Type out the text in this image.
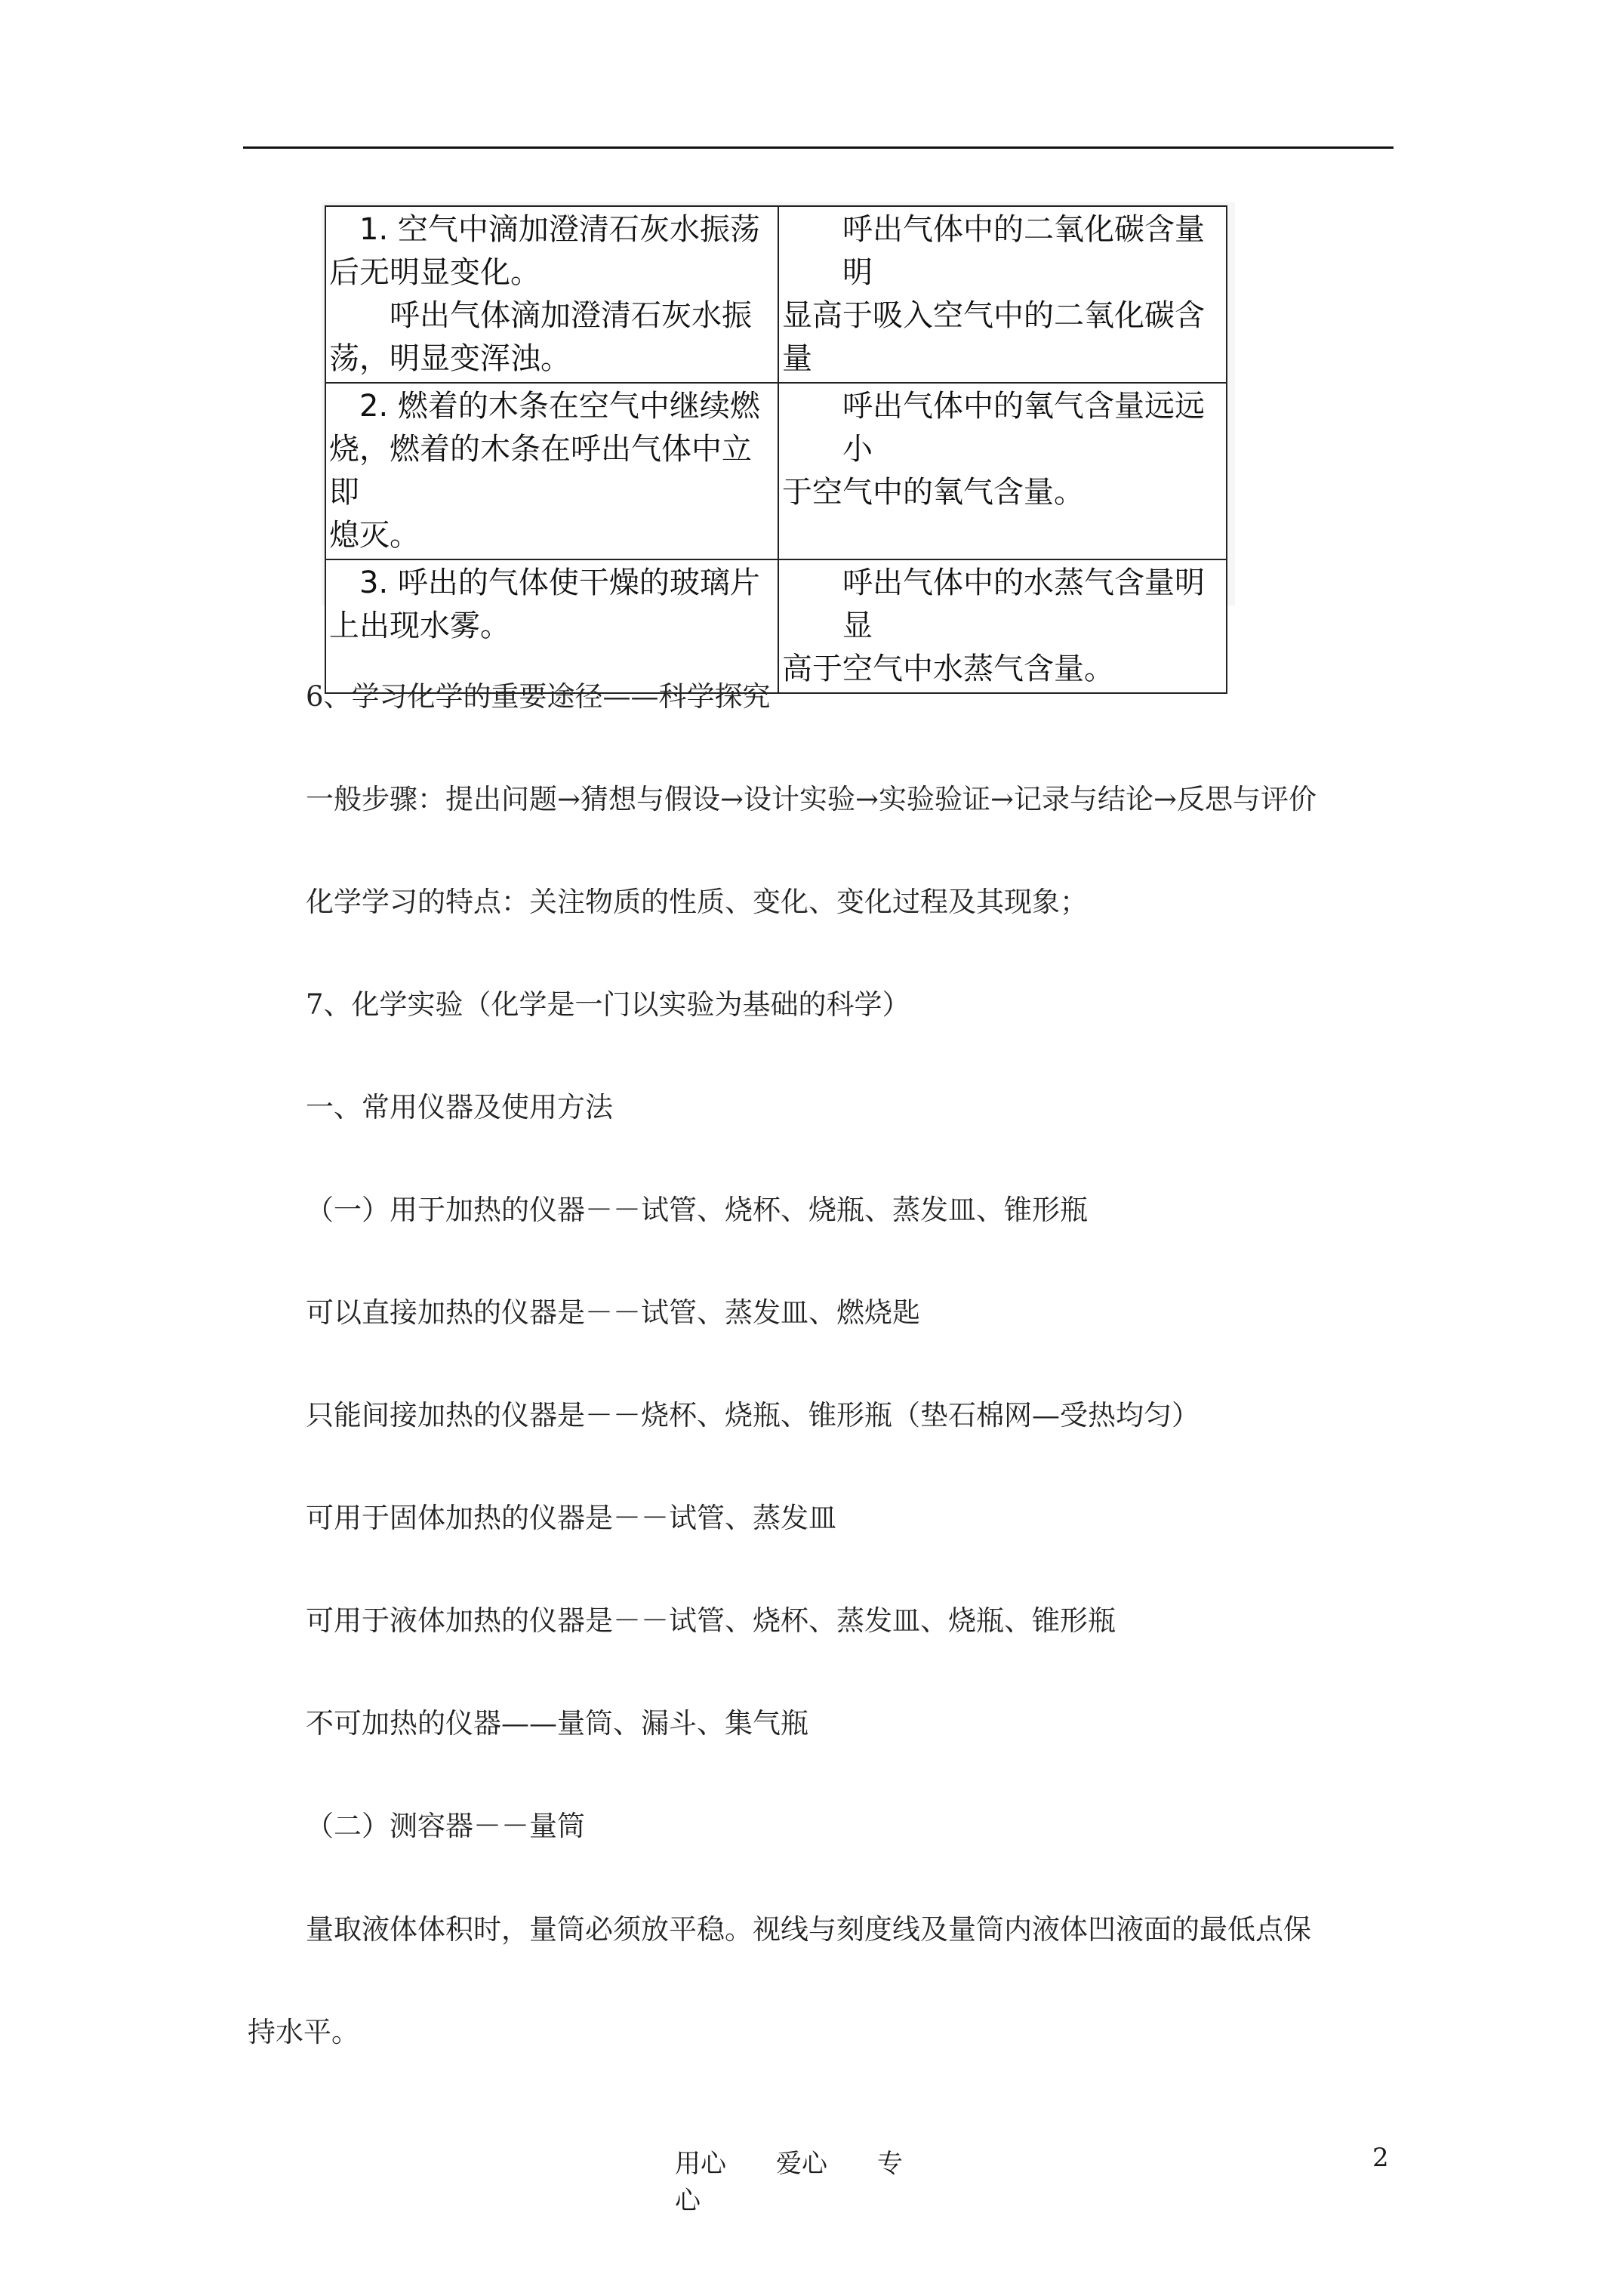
1. 空气中滴加澄清石灰水振荡
后无明显变化。
呼出气体滴加澄清石灰水振
荡，明显变浑浊。	呼出气体中的二氧化碳含量明
显高于吸入空气中的二氧化碳含量
2. 燃着的木条在空气中继续燃
烧，燃着的木条在呼出气体中立即
熄灭。	呼出气体中的氧气含量远远小
于空气中的氧气含量。
3. 呼出的气体使干燥的玻璃片
上出现水雾。	呼出气体中的水蒸气含量明显
高于空气中水蒸气含量。
6、学习化学的重要途径——科学探究
一般步骤：提出问题→猜想与假设→设计实验→实验验证→记录与结论→反思与评价
化学学习的特点：关注物质的性质、变化、变化过程及其现象；
7、化学实验（化学是一门以实验为基础的科学）
一、常用仪器及使用方法
（一）用于加热的仪器－－试管、烧杯、烧瓶、蒸发皿、锥形瓶
可以直接加热的仪器是－－试管、蒸发皿、燃烧匙
只能间接加热的仪器是－－烧杯、烧瓶、锥形瓶（垫石棉网—受热均匀）
可用于固体加热的仪器是－－试管、蒸发皿
可用于液体加热的仪器是－－试管、烧杯、蒸发皿、烧瓶、锥形瓶
不可加热的仪器——量筒、漏斗、集气瓶
（二）测容器－－量筒
量取液体体积时，量筒必须放平稳。视线与刻度线及量筒内液体凹液面的最低点保持水平。
用心 爱心 专心
2
